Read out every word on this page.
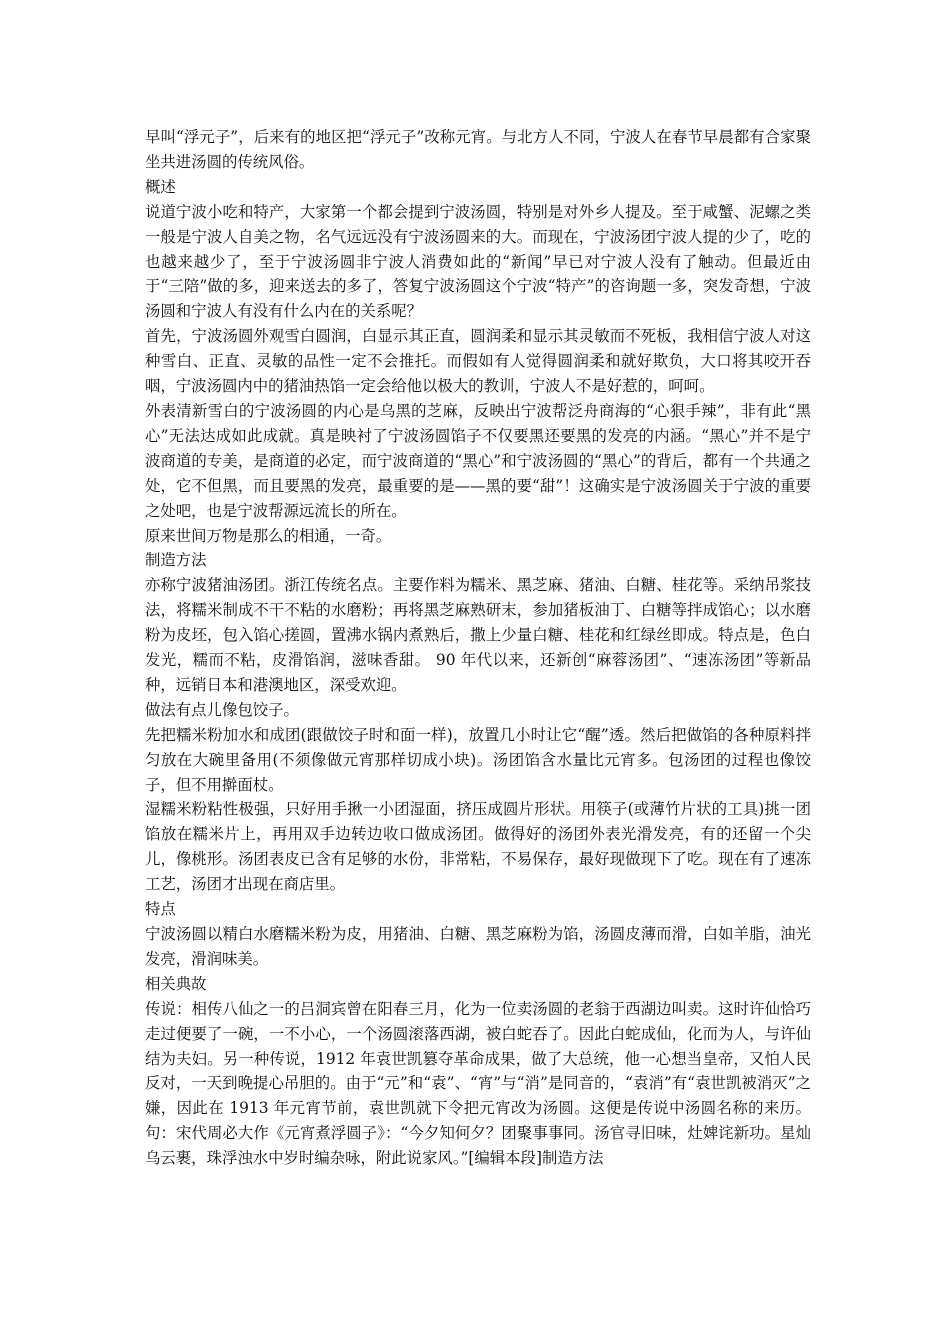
早叫“浮元子”，后来有的地区把“浮元子”改称元宵。与北方人不同，宁波人在春节早晨都有合家聚坐共进汤圆的传统风俗。

概述

说道宁波小吃和特产，大家第一个都会提到宁波汤圆，特别是对外乡人提及。至于咸蟹、泥螺之类一般是宁波人自美之物，名气远远没有宁波汤圆来的大。而现在，宁波汤团宁波人提的少了，吃的也越来越少了，至于宁波汤圆非宁波人消费如此的“新闻”早已对宁波人没有了触动。但最近由于“三陪”做的多，迎来送去的多了，答复宁波汤圆这个宁波“特产”的咨询题一多，突发奇想，宁波汤圆和宁波人有没有什么内在的关系呢？

首先，宁波汤圆外观雪白圆润，白显示其正直，圆润柔和显示其灵敏而不死板，我相信宁波人对这种雪白、正直、灵敏的品性一定不会推托。而假如有人觉得圆润柔和就好欺负，大口将其咬开吞咽，宁波汤圆内中的猪油热馅一定会给他以极大的教训，宁波人不是好惹的，呵呵。

外表清新雪白的宁波汤圆的内心是乌黑的芝麻，反映出宁波帮泛舟商海的“心狠手辣”，非有此“黑心”无法达成如此成就。真是映衬了宁波汤圆馅子不仅要黑还要黑的发亮的内涵。“黑心”并不是宁波商道的专美，是商道的必定，而宁波商道的“黑心”和宁波汤圆的“黑心”的背后，都有一个共通之处，它不但黑，而且要黑的发亮，最重要的是——黑的要“甜”！这确实是宁波汤圆关于宁波的重要之处吧，也是宁波帮源远流长的所在。

原来世间万物是那么的相通，一奇。

制造方法

亦称宁波猪油汤团。浙江传统名点。主要作料为糯米、黑芝麻、猪油、白糖、桂花等。采纳吊浆技法，将糯米制成不干不粘的水磨粉；再将黑芝麻熟研末，参加猪板油丁、白糖等拌成馅心；以水磨粉为皮坯，包入馅心搓圆，置沸水锅内煮熟后，撒上少量白糖、桂花和红绿丝即成。特点是，色白发光，糯而不粘，皮滑馅润，滋味香甜。 90 年代以来，还新创“麻蓉汤团”、“速冻汤团”等新品种，远销日本和港澳地区，深受欢迎。

做法有点儿像包饺子。

先把糯米粉加水和成团(跟做饺子时和面一样)，放置几小时让它“醒”透。然后把做馅的各种原料拌匀放在大碗里备用(不须像做元宵那样切成小块)。汤团馅含水量比元宵多。包汤团的过程也像饺子，但不用擀面杖。

湿糯米粉粘性极强，只好用手揪一小团湿面，挤压成圆片形状。用筷子(或薄竹片状的工具)挑一团馅放在糯米片上，再用双手边转边收口做成汤团。做得好的汤团外表光滑发亮，有的还留一个尖儿，像桃形。汤团表皮已含有足够的水份，非常粘，不易保存，最好现做现下了吃。现在有了速冻工艺，汤团才出现在商店里。

特点

宁波汤圆以精白水磨糯米粉为皮，用猪油、白糖、黑芝麻粉为馅，汤圆皮薄而滑，白如羊脂，油光发亮，滑润味美。

相关典故

传说：相传八仙之一的吕洞宾曾在阳春三月，化为一位卖汤圆的老翁于西湖边叫卖。这时许仙恰巧走过便要了一碗，一不小心，一个汤圆滚落西湖，被白蛇吞了。因此白蛇成仙，化而为人，与许仙结为夫妇。另一种传说，1912 年袁世凯篡夺革命成果，做了大总统，他一心想当皇帝，又怕人民反对，一天到晚提心吊胆的。由于“元”和“袁”、“宵”与“消”是同音的，“袁消”有“袁世凯被消灭”之嫌，因此在 1913 年元宵节前，袁世凯就下令把元宵改为汤圆。这便是传说中汤圆名称的来历。句：宋代周必大作《元宵煮浮圆子》：“今夕知何夕？团聚事事同。汤官寻旧味，灶婢诧新功。星灿乌云裹，珠浮浊水中岁时编杂咏，附此说家风。”[编辑本段]制造方法
